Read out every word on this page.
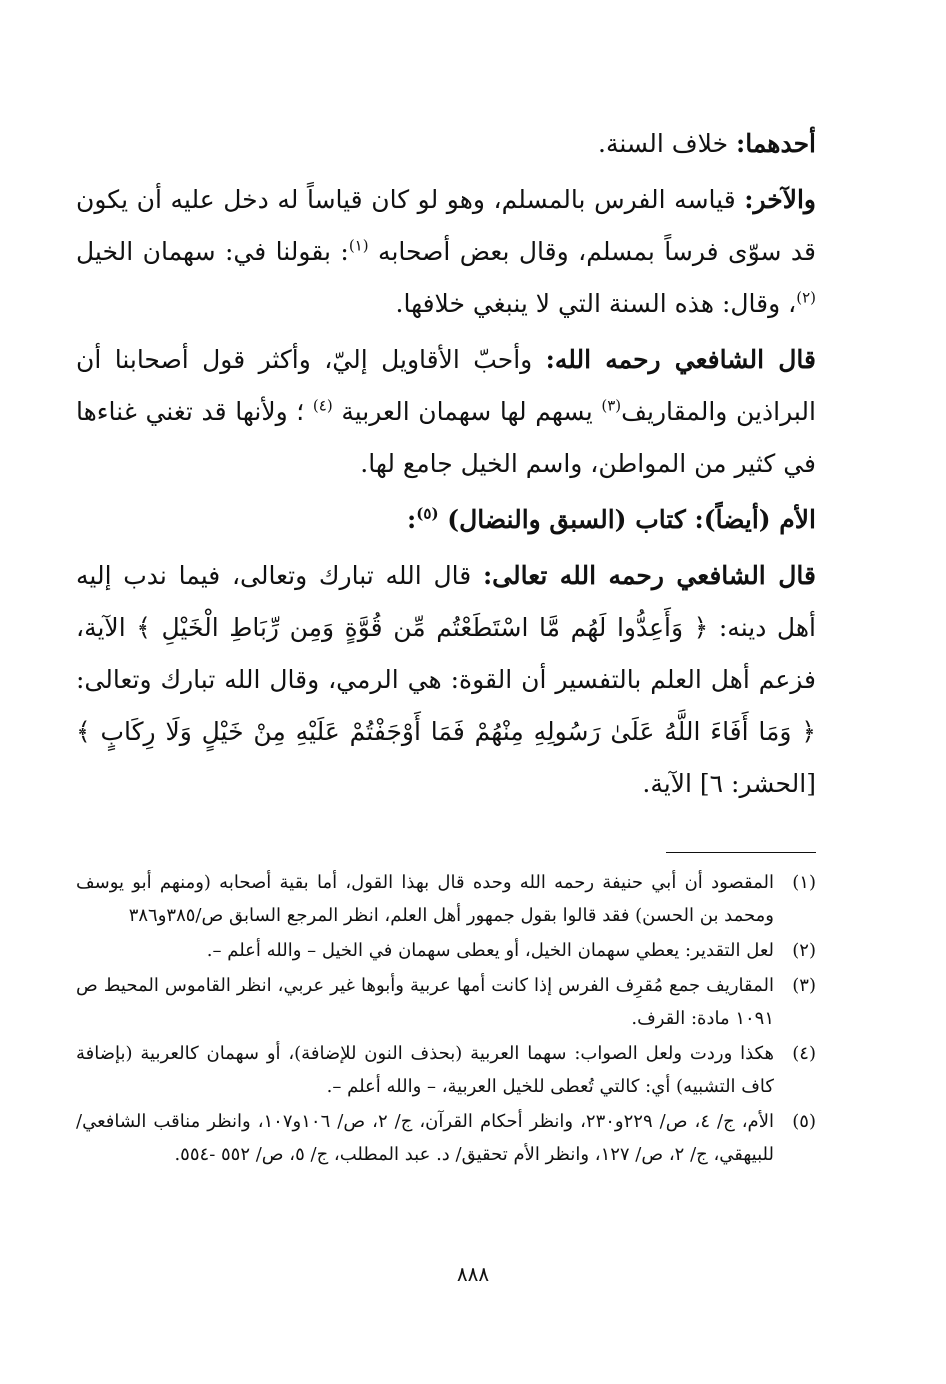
أحدهما: خلاف السنة.

والآخر: قياسه الفرس بالمسلم، وهو لو كان قياساً له دخل عليه أن يكون قد سوّى فرساً بمسلم، وقال بعض أصحابه $^{(١)}$: بقولنا في: سهمان الخيل $^{(٢)}$، وقال: هذه السنة التي لا ينبغي خلافها.

قال الشافعي رحمه الله: وأحبّ الأقاويل إليّ، وأكثر قول أصحابنا أن البراذين والمقاريف$^{(٣)}$ يسهم لها سهمان العربية $^{(٤)}$ ؛ ولأنها قد تغني غناءها في كثير من المواطن، واسم الخيل جامع لها.

الأم (أيضاً): كتاب (السبق والنضال) $^{(٥)}$:

قال الشافعي رحمه الله تعالى: قال الله تبارك وتعالى، فيما ندب إليه أهل دينه: ﴿ وَأَعِدُّوا لَهُم مَّا اسْتَطَعْتُم مِّن قُوَّةٍ وَمِن رِّبَاطِ الْخَيْلِ ﴾ الآية، فزعم أهل العلم بالتفسير أن القوة: هي الرمي، وقال الله تبارك وتعالى: ﴿ وَمَا أَفَاءَ اللَّهُ عَلَىٰ رَسُولِهِ مِنْهُمْ فَمَا أَوْجَفْتُمْ عَلَيْهِ مِنْ خَيْلٍ وَلَا رِكَابٍ ﴾ [الحشر: ٦] الآية.

(١)
المقصود أن أبي حنيفة رحمه الله وحده قال بهذا القول، أما بقية أصحابه (ومنهم أبو يوسف ومحمد بن الحسن) فقد قالوا بقول جمهور أهل العلم، انظر المرجع السابق ص/٣٨٥و٣٨٦
(٢)
لعل التقدير: يعطي سهمان الخيل، أو يعطى سهمان في الخيل – والله أعلم –.
(٣)
المقاريف جمع مُقرِف الفرس إذا كانت أمها عربية وأبوها غير عربي، انظر القاموس المحيط ص ١٠٩١ مادة: القرف.
(٤)
هكذا وردت ولعل الصواب: سهما العربية (بحذف النون للإضافة)، أو سهمان كالعربية (بإضافة كاف التشبيه) أي: كالتي تُعطى للخيل العربية، – والله أعلم –.
(٥)
الأم، ج/ ٤، ص/ ٢٢٩و٢٣٠، وانظر أحكام القرآن، ج/ ٢، ص/ ١٠٦و١٠٧، وانظر مناقب الشافعي/ للبيهقي، ج/ ٢، ص/ ١٢٧، وانظر الأم تحقيق/ د. عبد المطلب، ج/ ٥، ص/ ٥٥٢ -٥٥٤.
٨٨٨
